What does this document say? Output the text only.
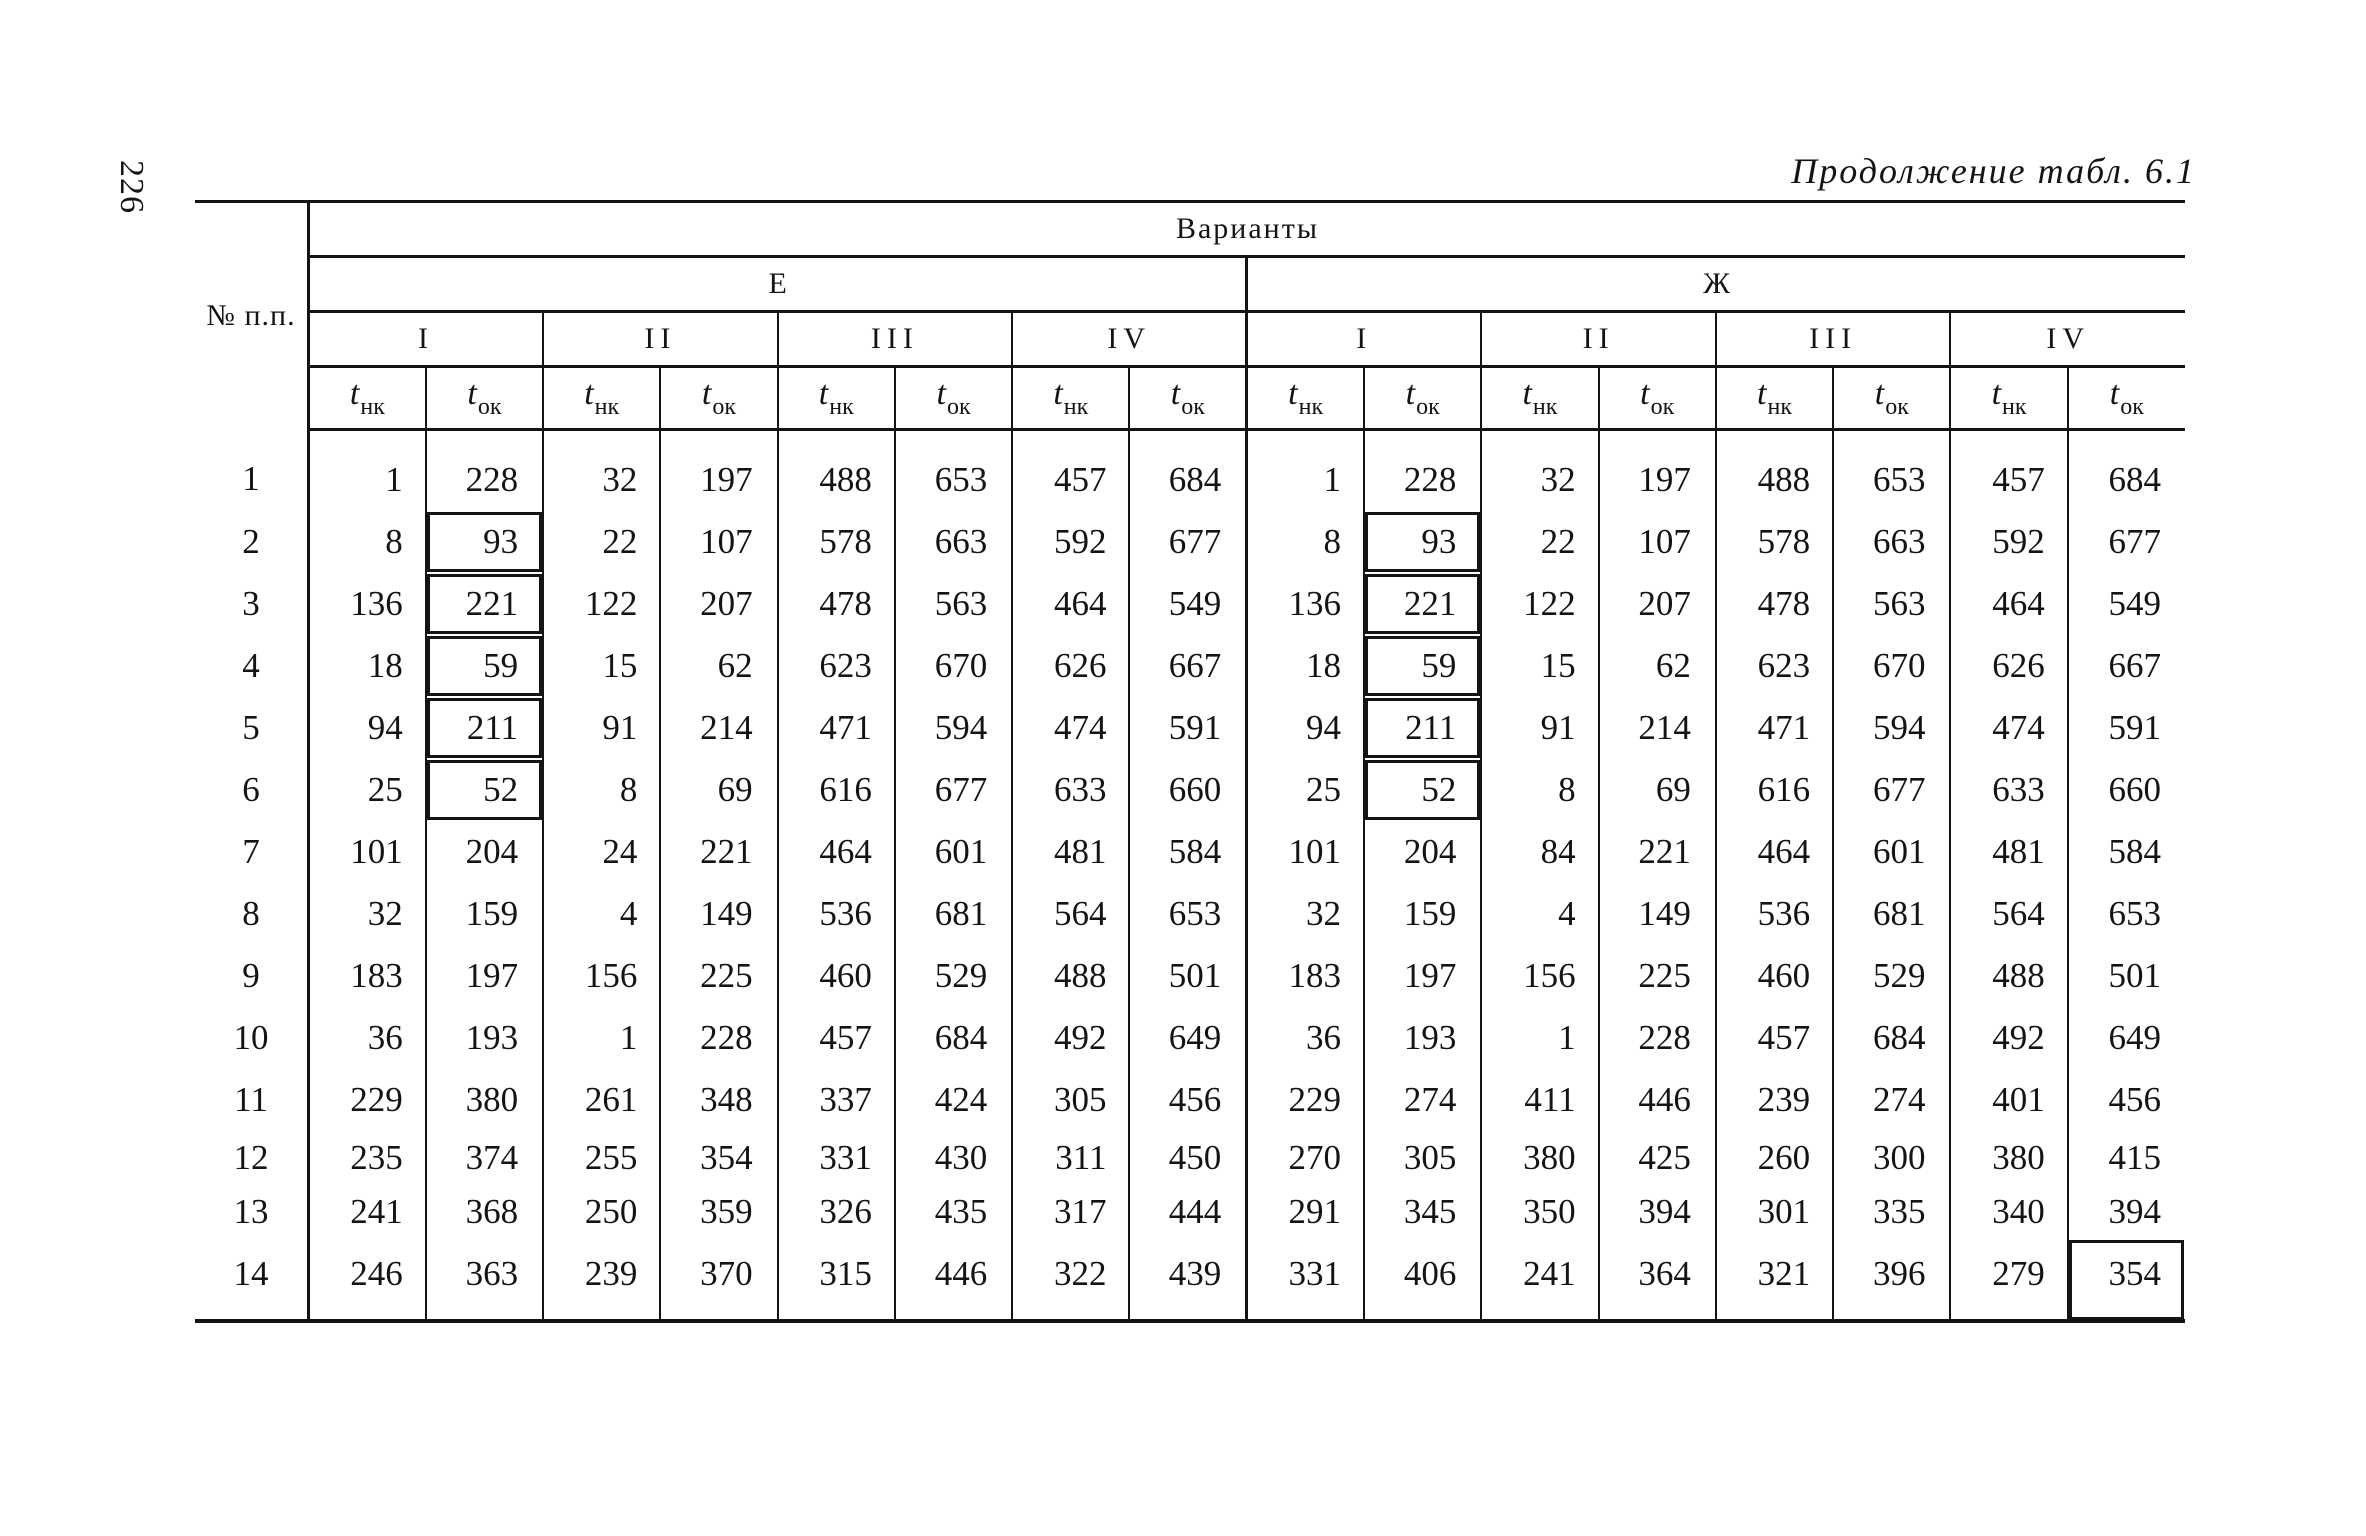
226	Продолжение табл. 6.1
№ п.п.	Варианты															
	Е								Ж							
	I		II		III		IV		I		II		III		IV	
	$t_{нк}$	$t_{ок}$	$t_{нк}$	$t_{ок}$	$t_{нк}$	$t_{ок}$	$t_{нк}$	$t_{ок}$	$t_{нк}$	$t_{ок}$	$t_{нк}$	$t_{ок}$	$t_{нк}$	$t_{ок}$	$t_{нк}$	$t_{ок}$
1	1	228	32	197	488	653	457	684	1	228	32	197	488	653	457	684
2	8	93	22	107	578	663	592	677	8	93	22	107	578	663	592	677
3	136	221	122	207	478	563	464	549	136	221	122	207	478	563	464	549
4	18	59	15	62	623	670	626	667	18	59	15	62	623	670	626	667
5	94	211	91	214	471	594	474	591	94	211	91	214	471	594	474	591
6	25	52	8	69	616	677	633	660	25	52	8	69	616	677	633	660
7	101	204	24	221	464	601	481	584	101	204	84	221	464	601	481	584
8	32	159	4	149	536	681	564	653	32	159	4	149	536	681	564	653
9	183	197	156	225	460	529	488	501	183	197	156	225	460	529	488	501
10	36	193	1	228	457	684	492	649	36	193	1	228	457	684	492	649
11	229	380	261	348	337	424	305	456	229	274	411	446	239	274	401	456
12	235	374	255	354	331	430	311	450	270	305	380	425	260	300	380	415
13	241	368	250	359	326	435	317	444	291	345	350	394	301	335	340	394
14	246	363	239	370	315	446	322	439	331	406	241	364	321	396	279	354
